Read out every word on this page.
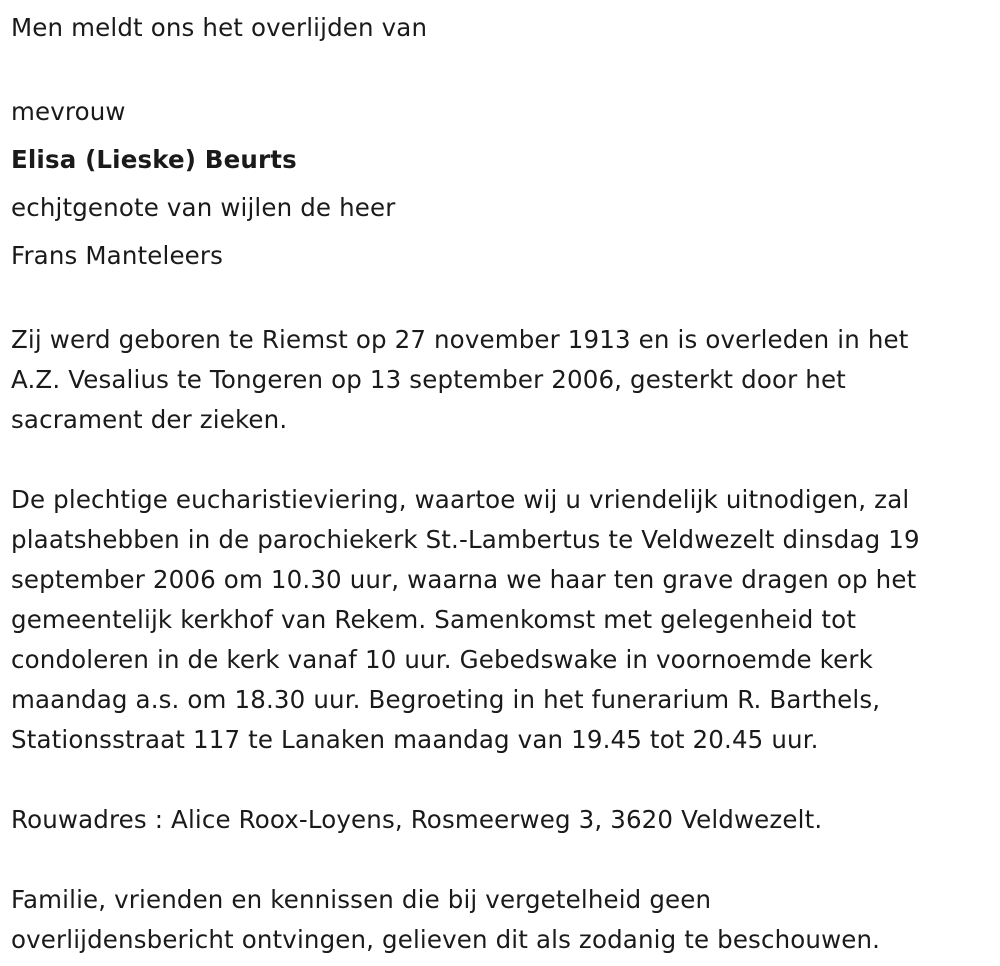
Men meldt ons het overlijden van
mevrouw
Elisa (Lieske) Beurts
echjtgenote van wijlen de heer
Frans Manteleers
Zij werd geboren te Riemst op 27 november 1913 en is overleden in het
A.Z. Vesalius te Tongeren op 13 september 2006, gesterkt door het
sacrament der zieken.
De plechtige eucharistieviering, waartoe wij u vriendelijk uitnodigen, zal
plaatshebben in de parochiekerk St.-Lambertus te Veldwezelt dinsdag 19
september 2006 om 10.30 uur, waarna we haar ten grave dragen op het
gemeentelijk kerkhof van Rekem. Samenkomst met gelegenheid tot
condoleren in de kerk vanaf 10 uur. Gebedswake in voornoemde kerk
maandag a.s. om 18.30 uur. Begroeting in het funerarium R. Barthels,
Stationsstraat 117 te Lanaken maandag van 19.45 tot 20.45 uur.
Rouwadres : Alice Roox-Loyens, Rosmeerweg 3, 3620 Veldwezelt.
Familie, vrienden en kennissen die bij vergetelheid geen
overlijdensbericht ontvingen, gelieven dit als zodanig te beschouwen.
